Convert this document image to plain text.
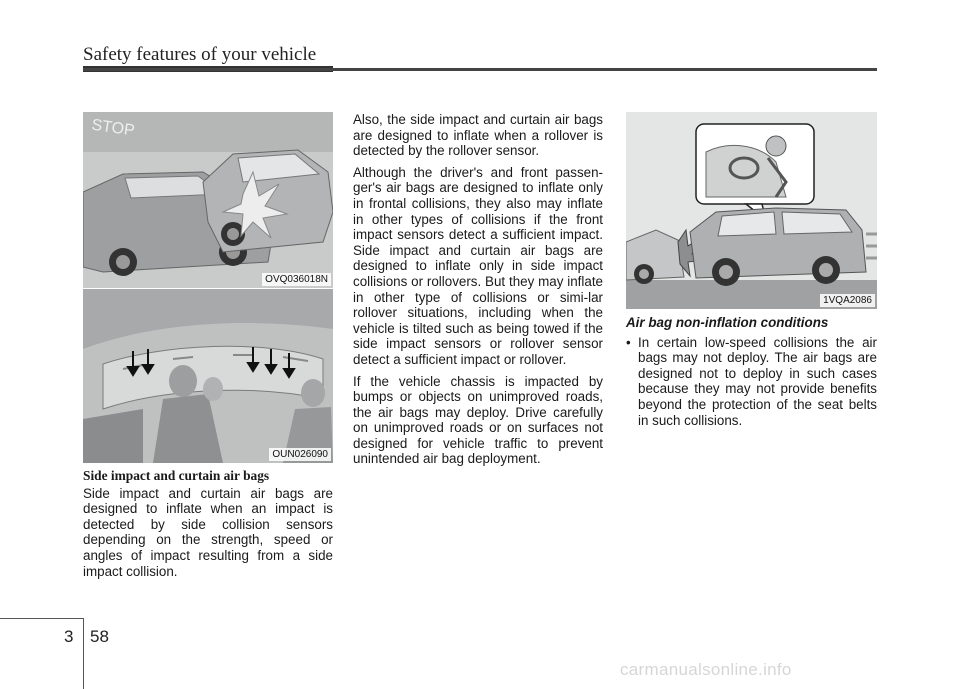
Safety features of your vehicle
STOP
OVQ036018N
OUN026090
Side impact and curtain air bags

Side impact and curtain air bags are designed to inflate when an impact is detected by side collision sensors depending on the strength, speed or angles of impact resulting from a side impact collision.

Also, the side impact and curtain air bags are designed to inflate when a rollover is detected by the rollover sensor.

Although the driver's and front passen-ger's air bags are designed to inflate only in frontal collisions, they also may inflate in other types of collisions if the front impact sensors detect a sufficient impact. Side impact and curtain air bags are designed to inflate only in side impact collisions or rollovers. But they may inflate in other type of collisions or simi-lar rollover situations, including when the vehicle is tilted such as being towed if the side impact sensors or rollover sensor detect a sufficient impact or rollover.

If the vehicle chassis is impacted by bumps or objects on unimproved roads, the air bags may deploy. Drive carefully on unimproved roads or on surfaces not designed for vehicle traffic to prevent unintended air bag deployment.

1VQA2086
Air bag non-inflation conditions

• In certain low-speed collisions the air bags may not deploy. The air bags are designed not to deploy in such cases because they may not provide benefits beyond the protection of the seat belts in such collisions.

3 58
carmanualsonline.info
